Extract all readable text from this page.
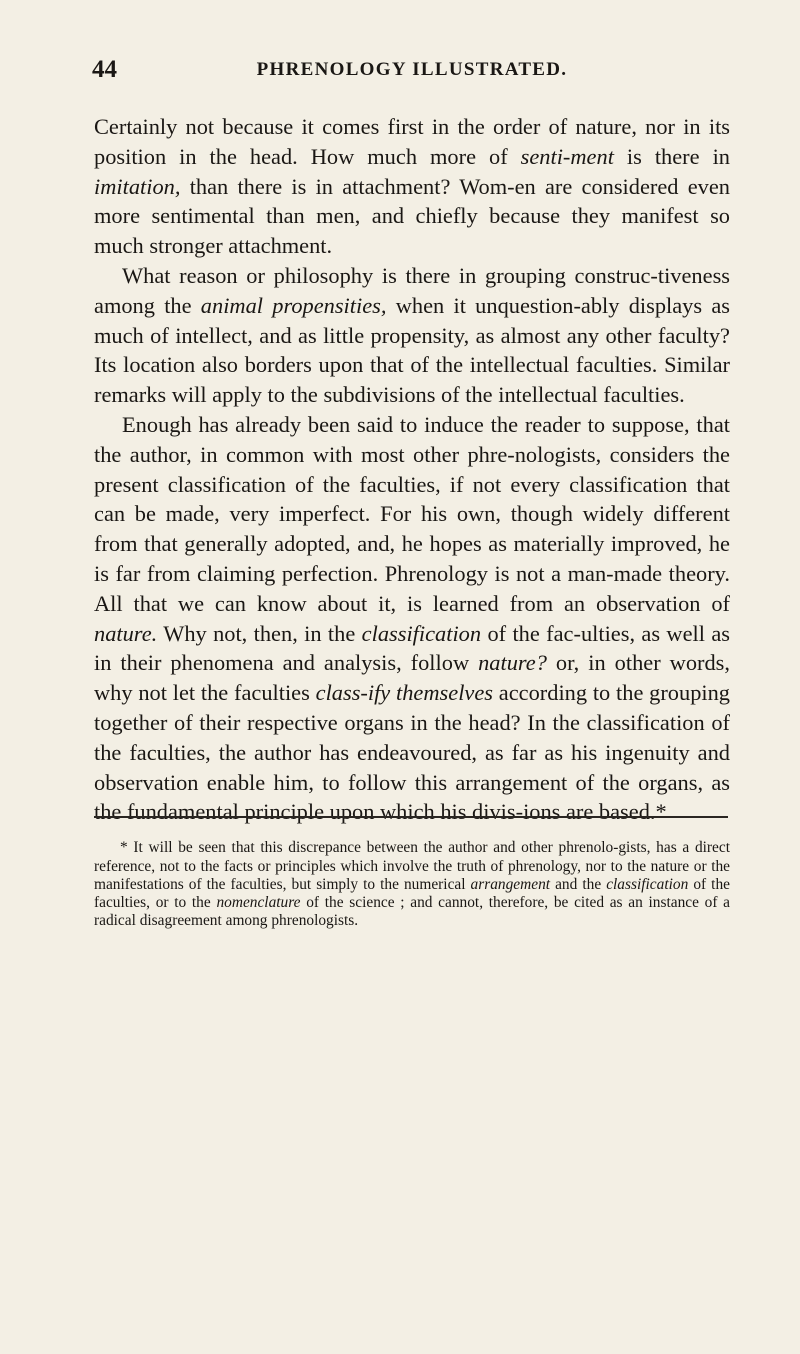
44	PHRENOLOGY ILLUSTRATED.

Certainly not because it comes first in the order of nature, nor in its position in the head. How much more of senti-ment is there in imitation, than there is in attachment? Wom-en are considered even more sentimental than men, and chiefly because they manifest so much stronger attachment.

What reason or philosophy is there in grouping construc-tiveness among the animal propensities, when it unquestion-ably displays as much of intellect, and as little propensity, as almost any other faculty? Its location also borders upon that of the intellectual faculties. Similar remarks will apply to the subdivisions of the intellectual faculties.

Enough has already been said to induce the reader to suppose, that the author, in common with most other phre-nologists, considers the present classification of the faculties, if not every classification that can be made, very imperfect. For his own, though widely different from that generally adopted, and, he hopes as materially improved, he is far from claiming perfection. Phrenology is not a man-made theory. All that we can know about it, is learned from an observation of nature. Why not, then, in the classification of the fac-ulties, as well as in their phenomena and analysis, follow nature? or, in other words, why not let the faculties class-ify themselves according to the grouping together of their respective organs in the head? In the classification of the faculties, the author has endeavoured, as far as his ingenuity and observation enable him, to follow this arrangement of the organs, as the fundamental principle upon which his divis-ions are based.*

* It will be seen that this discrepance between the author and other phrenolo-gists, has a direct reference, not to the facts or principles which involve the truth of phrenology, nor to the nature or the manifestations of the faculties, but simply to the numerical arrangement and the classification of the faculties, or to the nomenclature of the science ; and cannot, therefore, be cited as an instance of a radical disagreement among phrenologists.
